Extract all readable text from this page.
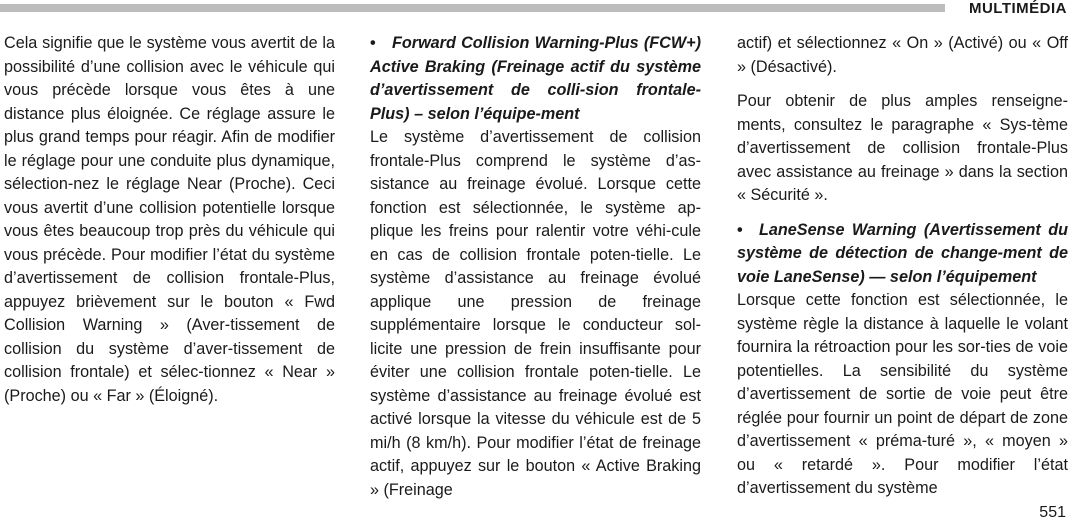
MULTIMÉDIA

Cela signifie que le système vous avertit de la possibilité d’une collision avec le véhicule qui vous précède lorsque vous êtes à une distance plus éloignée. Ce réglage assure le plus grand temps pour réagir. Afin de modifier le réglage pour une conduite plus dynamique, sélection-nez le réglage Near (Proche). Ceci vous avertit d’une collision potentielle lorsque vous êtes beaucoup trop près du véhicule qui vous précède. Pour modifier l’état du système d’avertissement de collision frontale-Plus, appuyez brièvement sur le bouton « Fwd Collision Warning » (Aver-tissement de collision du système d’aver-tissement de collision frontale) et sélec-tionnez « Near » (Proche) ou « Far » (Éloigné).

• Forward Collision Warning-Plus (FCW+) Active Braking (Freinage actif du système d’avertissement de colli-sion frontale-Plus) – selon l’équipe-ment

Le système d’avertissement de collision frontale-Plus comprend le système d’as-sistance au freinage évolué. Lorsque cette fonction est sélectionnée, le système ap-plique les freins pour ralentir votre véhi-cule en cas de collision frontale poten-tielle. Le système d’assistance au freinage évolué applique une pression de freinage supplémentaire lorsque le conducteur sol-licite une pression de frein insuffisante pour éviter une collision frontale poten-tielle. Le système d’assistance au freinage évolué est activé lorsque la vitesse du véhicule est de 5 mi/h (8 km/h). Pour modifier l’état de freinage actif, appuyez sur le bouton « Active Braking » (Freinage

actif) et sélectionnez « On » (Activé) ou « Off » (Désactivé).

Pour obtenir de plus amples renseigne-ments, consultez le paragraphe « Sys-tème d’avertissement de collision frontale-Plus avec assistance au freinage » dans la section « Sécurité ».

• LaneSense Warning (Avertissement du système de détection de change-ment de voie LaneSense) — selon l’équipement

Lorsque cette fonction est sélectionnée, le système règle la distance à laquelle le volant fournira la rétroaction pour les sor-ties de voie potentielles. La sensibilité du système d’avertissement de sortie de voie peut être réglée pour fournir un point de départ de zone d’avertissement « préma-turé », « moyen » ou « retardé ». Pour modifier l’état d’avertissement du système

551
